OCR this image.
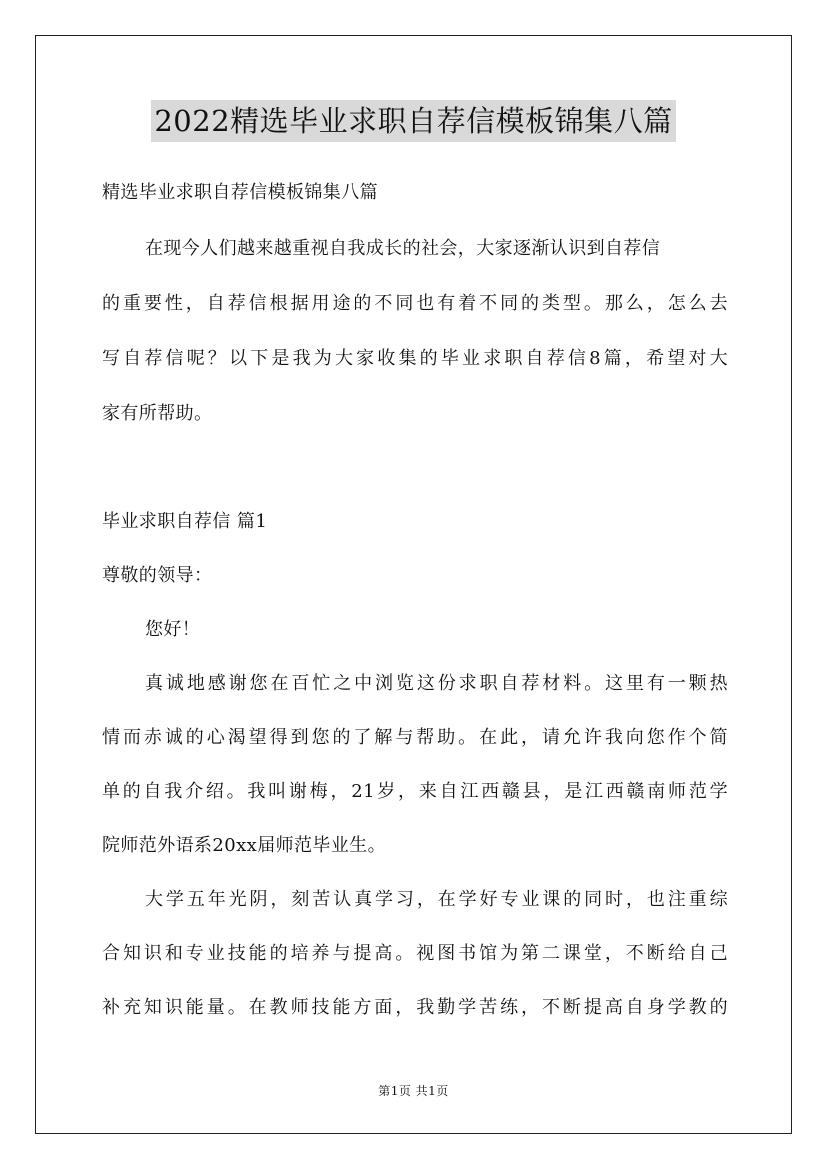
2022精选毕业求职自荐信模板锦集八篇

精选毕业求职自荐信模板锦集八篇

在现今人们越来越重视自我成长的社会，大家逐渐认识到自荐信

的重要性，自荐信根据用途的不同也有着不同的类型。那么，怎么去

写自荐信呢？以下是我为大家收集的毕业求职自荐信8篇，希望对大

家有所帮助。

毕业求职自荐信 篇1

尊敬的领导：

您好！

真诚地感谢您在百忙之中浏览这份求职自荐材料。这里有一颗热

情而赤诚的心渴望得到您的了解与帮助。在此，请允许我向您作个简

单的自我介绍。我叫谢梅，21岁，来自江西赣县，是江西赣南师范学

院师范外语系20xx届师范毕业生。

大学五年光阴，刻苦认真学习，在学好专业课的同时，也注重综

合知识和专业技能的培养与提高。视图书馆为第二课堂，不断给自己

补充知识能量。在教师技能方面，我勤学苦练，不断提高自身学教的

第1页 共1页
